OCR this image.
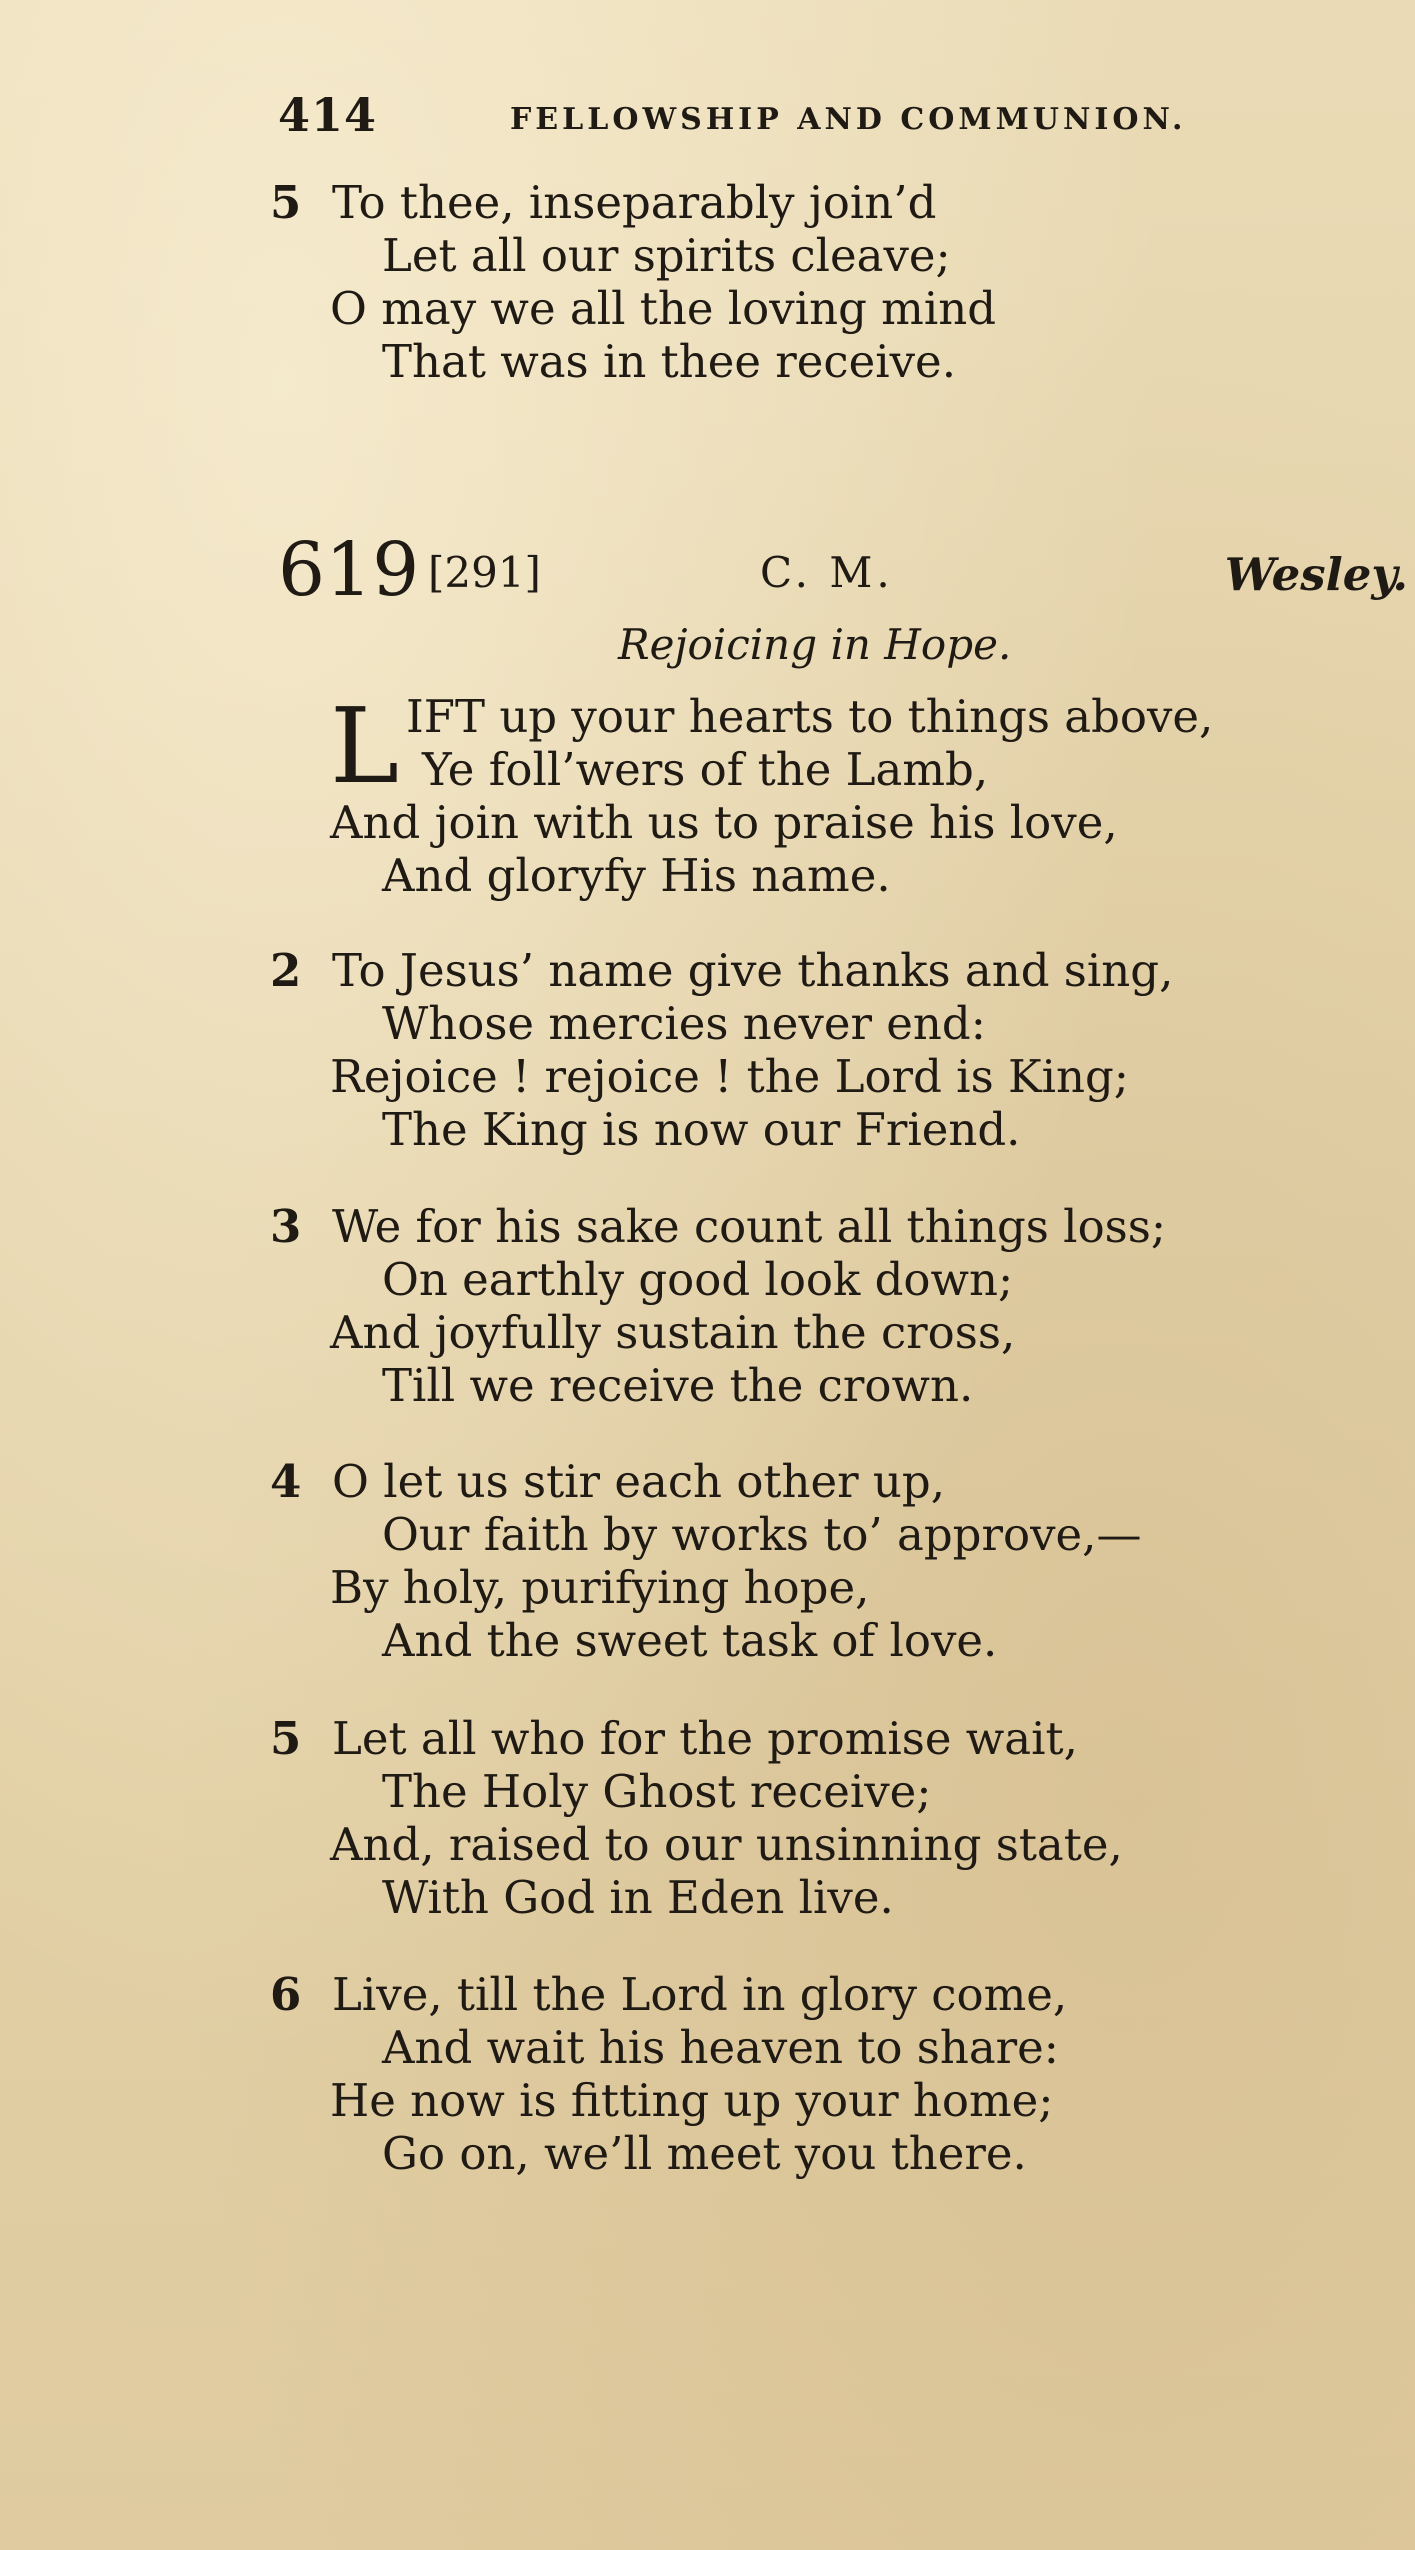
414	FELLOWSHIP AND COMMUNION.
5 To thee, inseparably join’d
Let all our spirits cleave;
O may we all the loving mind
That was in thee receive.
619 [291]	C. M.	Wesley.
Rejoicing in Hope.
L IFT up your hearts to things above,
Ye foll’wers of the Lamb,
And join with us to praise his love,
And gloryfy His name.
2 To Jesus’ name give thanks and sing,
Whose mercies never end:
Rejoice ! rejoice ! the Lord is King;
The King is now our Friend.
3 We for his sake count all things loss;
On earthly good look down;
And joyfully sustain the cross,
Till we receive the crown.
4 O let us stir each other up,
Our faith by works to’ approve,—
By holy, purifying hope,
And the sweet task of love.
5 Let all who for the promise wait,
The Holy Ghost receive;
And, raised to our unsinning state,
With God in Eden live.
6 Live, till the Lord in glory come,
And wait his heaven to share:
He now is fitting up your home;
Go on, we’ll meet you there.
